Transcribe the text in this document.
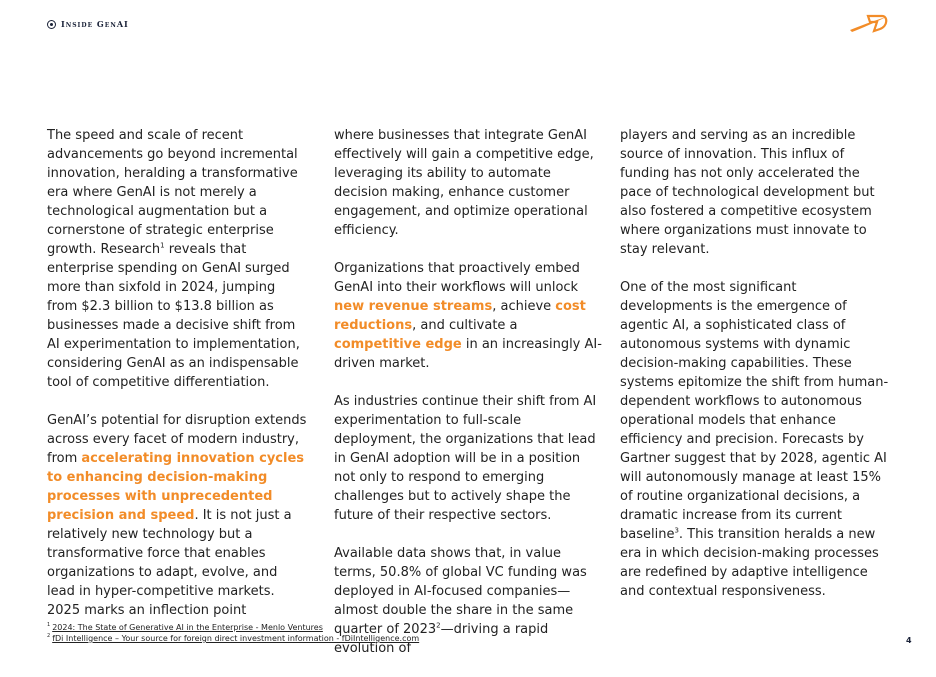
Inside GenAI

The speed and scale of recent advancements go beyond incremental innovation, heralding a transformative era where GenAI is not merely a technological augmentation but a cornerstone of strategic enterprise growth. Research$^1$ reveals that enterprise spending on GenAI surged more than sixfold in 2024, jumping from $2.3 billion to $13.8 billion as businesses made a decisive shift from AI experimentation to implementation, considering GenAI as an indispensable tool of competitive differentiation.

GenAI’s potential for disruption extends across every facet of modern industry, from accelerating innovation cycles to enhancing decision-making processes with unprecedented precision and speed. It is not just a relatively new technology but a transformative force that enables organizations to adapt, evolve, and lead in hyper-competitive markets. 2025 marks an inflection point

where businesses that integrate GenAI effectively will gain a competitive edge, leveraging its ability to automate decision making, enhance customer engagement, and optimize operational efficiency.

Organizations that proactively embed GenAI into their workflows will unlock new revenue streams, achieve cost reductions, and cultivate a competitive edge in an increasingly AI-driven market.

As industries continue their shift from AI experimentation to full-scale deployment, the organizations that lead in GenAI adoption will be in a position not only to respond to emerging challenges but to actively shape the future of their respective sectors.

Available data shows that, in value terms, 50.8% of global VC funding was deployed in AI-focused companies—almost double the share in the same quarter of 2023$^2$—driving a rapid evolution of

players and serving as an incredible source of innovation. This influx of funding has not only accelerated the pace of technological development but also fostered a competitive ecosystem where organizations must innovate to stay relevant.

One of the most significant developments is the emergence of agentic AI, a sophisticated class of autonomous systems with dynamic decision-making capabilities. These systems epitomize the shift from human-dependent workflows to autonomous operational models that enhance efficiency and precision. Forecasts by Gartner suggest that by 2028, agentic AI will autonomously manage at least 15% of routine organizational decisions, a dramatic increase from its current baseline$^3$. This transition heralds a new era in which decision-making processes are redefined by adaptive intelligence and contextual responsiveness.

$^1$ 2024: The State of Generative AI in the Enterprise - Menlo Ventures
$^2$ fDi Intelligence – Your source for foreign direct investment information - fDiIntelligence.com	4
